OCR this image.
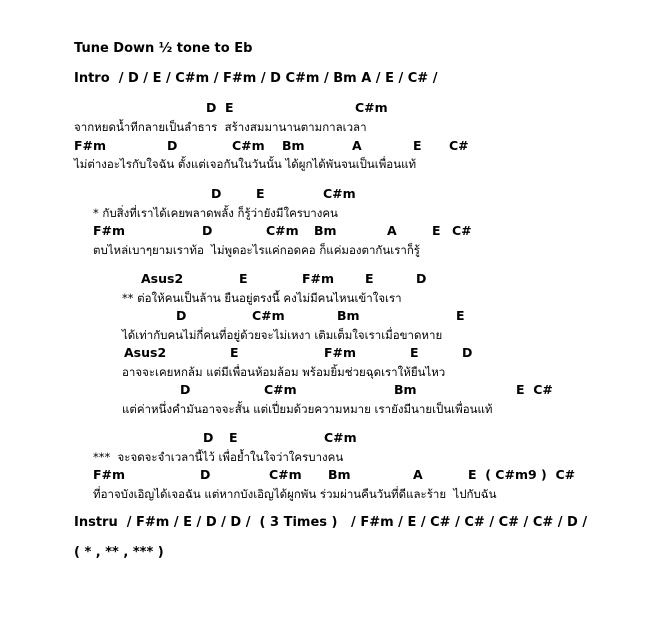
Tune Down ½ tone to Eb
Intro  / D / E / C#m / F#m / D C#m / Bm A / E / C# /

D

E

	C#m

จากหยดน้ำทีกลายเป็นลำธาร  สร้างสมมานานตามกาลเวลา

F#m

	D

	C#m

Bm

	A

	E

C#

ไม่ต่างอะไรกับใจฉัน ตั้งแต่เจอกันในวันนั้น ได้ผูกได้พันจนเป็นเพื่อนแท้

D

	E

	C#m

* กับสิ่งที่เราได้เคยพลาดพลั้ง ก็รู้ว่ายังมีใครบางคน

F#m

	D

	C#m

Bm

	A

	E

C#

ตบไหล่เบาๆยามเราท้อ  ไม่พูดอะไรแค่กอดคอ ก็แค่มองตากันเราก็รู้

Asus2

	E

	F#m

E

	D

** ต่อให้คนเป็นล้าน ยืนอยู่ตรงนี้ คงไม่มีคนไหนเข้าใจเรา

D

	C#m

	Bm

	E

ได้เท่ากับคนไม่กี่คนที่อยู่ด้วยจะไม่เหงา เติมเต็มใจเราเมื่อขาดหาย

Asus2

	E

	F#m

	E

	D

อาจจะเคยหกล้ม แต่มีเพื่อนห้อมล้อม พร้อมยิ้มช่วยฉุดเราให้ยืนไหว

D

	C#m

	Bm

	E  C#

แต่ค่าหนึ่งคำมันอาจจะสั้น แต่เปี่ยมด้วยความหมาย เรายังมีนายเป็นเพื่อนแท้

D

E

	C#m

***  จะจดจะจำเวลานี้ไว้ เพื่อย้ำในใจว่าใครบางคน

F#m

	D

	C#m

Bm

	A

	E  ( C#m9 )  C#

ที่อาจบังเอิญได้เจอฉัน แต่หากบังเอิญได้ผูกพัน ร่วมผ่านคืนวันที่ดีและร้าย  ไปกับฉัน

Instru  / F#m / E / D / D /  ( 3 Times )   / F#m / E / C# / C# / C# / C# / D /
( * , ** , *** )
